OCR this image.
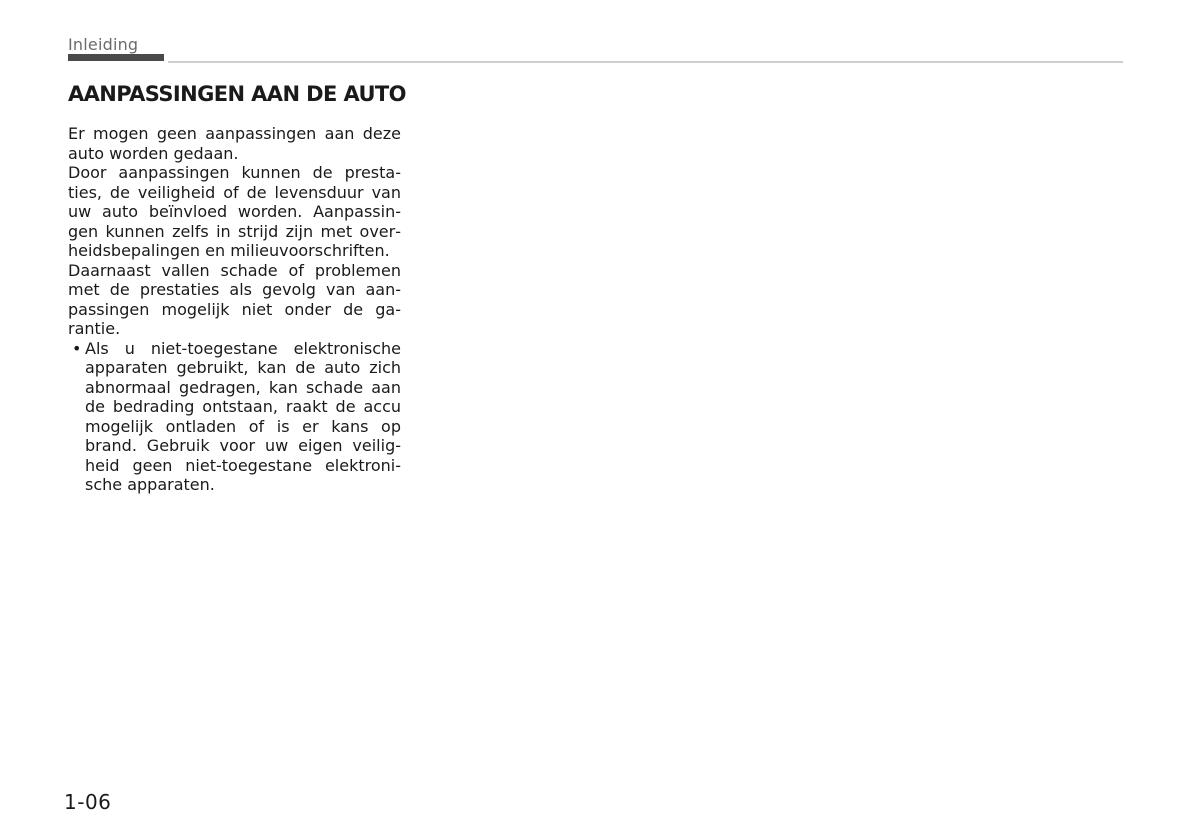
Inleiding
AANPASSINGEN AAN DE AUTO

Er mogen geen aanpassingen aan deze auto worden gedaan.

Door aanpassingen kunnen de prestaties, de veiligheid of de levensduur van uw auto beïnvloed worden. Aanpassingen kunnen zelfs in strijd zijn met overheidsbepalingen en milieuvoorschriften.

Daarnaast vallen schade of problemen met de prestaties als gevolg van aanpassingen mogelijk niet onder de garantie.

• Als u niet-toegestane elektronische apparaten gebruikt, kan de auto zich abnormaal gedragen, kan schade aan de bedrading ontstaan, raakt de accu mogelijk ontladen of is er kans op brand. Gebruik voor uw eigen veiligheid geen niet-toegestane elektronische apparaten.
1-06
